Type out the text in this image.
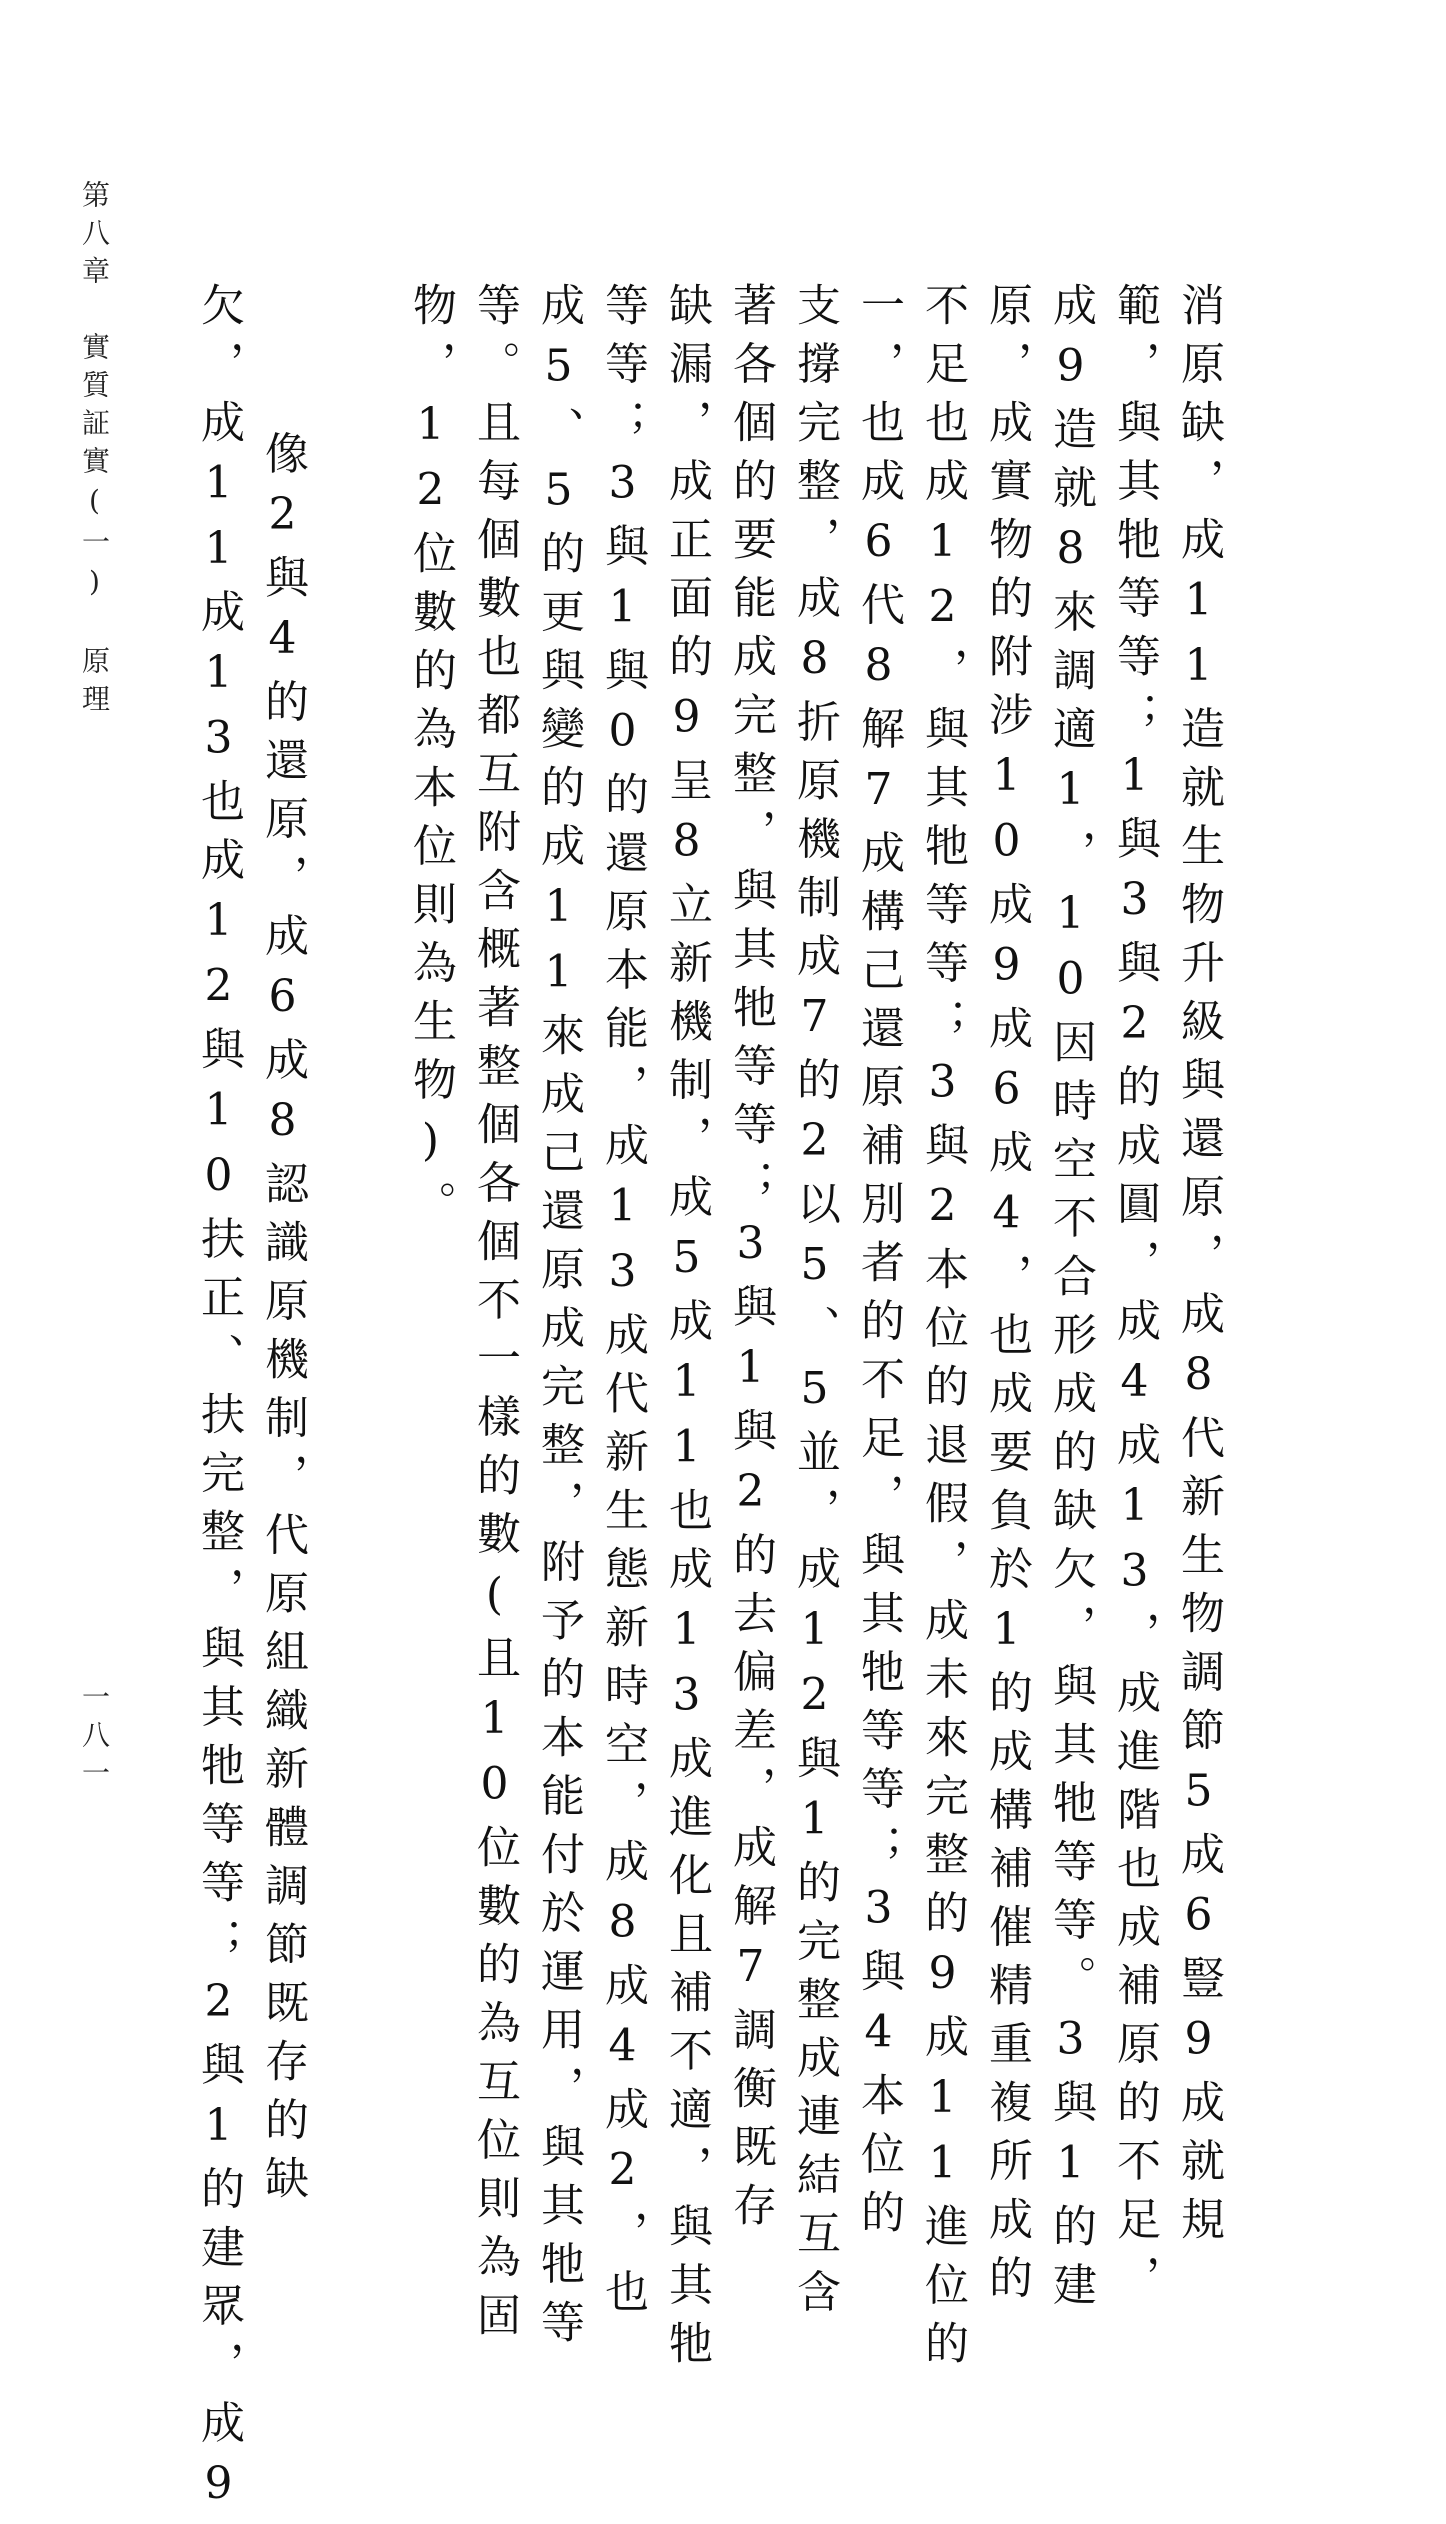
第八章　實質証實(一)　原理
一八一	消原缺，成11造就生物升級與還原，成8代新生物調節5成6豎9成就規
範，與其牠等等；1與3與2的成圓，成4成13，成進階也成補原的不足，
成9造就8來調適1，10因時空不合形成的缺欠，與其牠等等。3與1的建
原，成實物的附涉10成9成6成4，也成要負於1的成構補催精重複所成的
不足也成12，與其牠等等；3與2本位的退假，成未來完整的9成11進位的
一，也成6代8解7成構己還原補別者的不足，與其牠等等；3與4本位的
支撐完整，成8折原機制成7的2以5、5並，成12與1的完整成連結互含
著各個的要能成完整，與其牠等等；3與1與2的去偏差，成解7調衡既存
缺漏，成正面的9呈8立新機制，成5成11也成13成進化且補不適，與其牠
等等；3與1與0的還原本能，成13成代新生態新時空，成8成4成2，也
成5、5的更與變的成11來成己還原成完整，附予的本能付於運用，與其牠等
等。且每個數也都互附含概著整個各個不一樣的數(且10位數的為互位則為固
物，12位數的為本位則為生物)。
　像2與4的還原，成6成8認識原機制，代原組織新體調節既存的缺
欠，成11成13也成12與10扶正、扶完整，與其牠等等；2與1的建眾，成9
